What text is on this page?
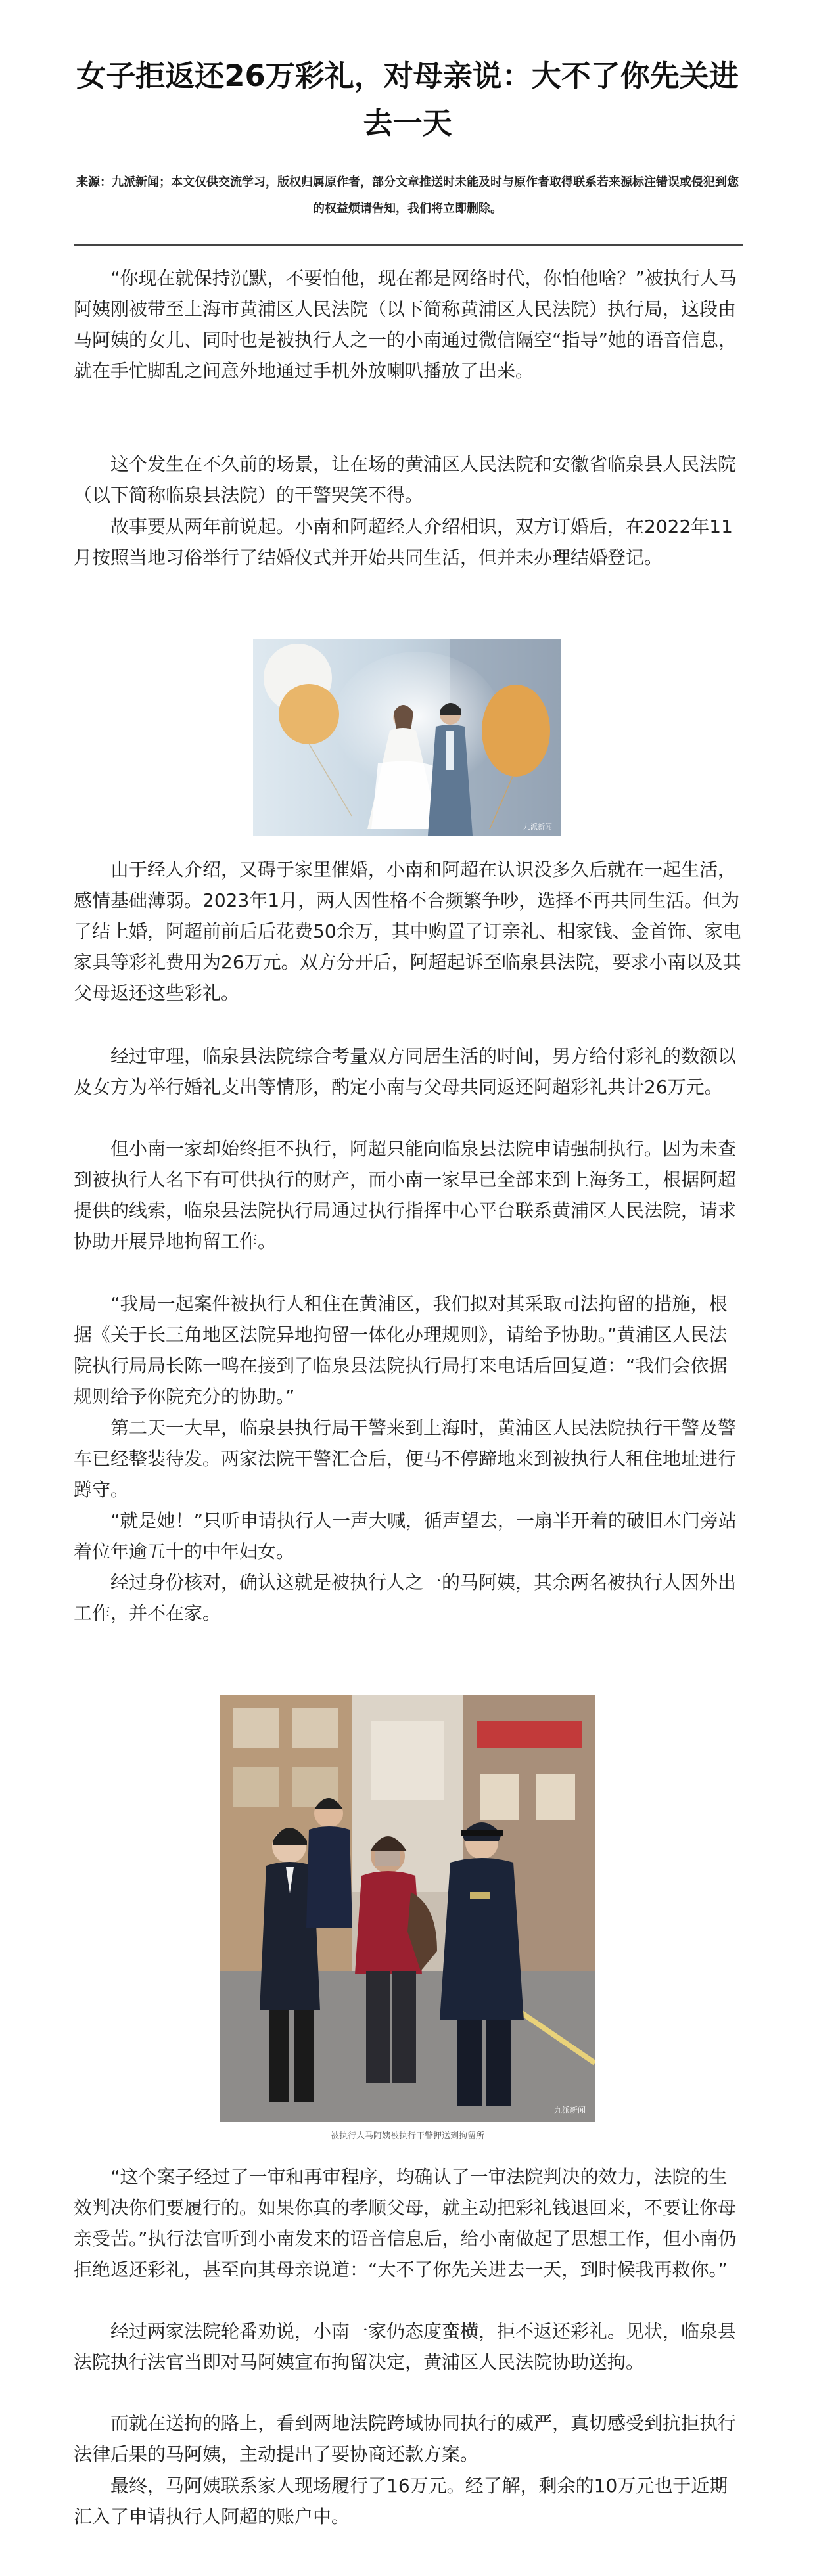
女子拒返还26万彩礼，对母亲说：大不了你先关进去一天
来源：九派新闻；本文仅供交流学习，版权归属原作者，部分文章推送时未能及时与原作者取得联系若来源标注错误或侵犯到您的权益烦请告知，我们将立即删除。

“你现在就保持沉默，不要怕他，现在都是网络时代，你怕他啥？”被执行人马阿姨刚被带至上海市黄浦区人民法院（以下简称黄浦区人民法院）执行局，这段由马阿姨的女儿、同时也是被执行人之一的小南通过微信隔空“指导”她的语音信息，就在手忙脚乱之间意外地通过手机外放喇叭播放了出来。

这个发生在不久前的场景，让在场的黄浦区人民法院和安徽省临泉县人民法院（以下简称临泉县法院）的干警哭笑不得。

故事要从两年前说起。小南和阿超经人介绍相识，双方订婚后，在2022年11月按照当地习俗举行了结婚仪式并开始共同生活，但并未办理结婚登记。

九派新闻

由于经人介绍，又碍于家里催婚，小南和阿超在认识没多久后就在一起生活，感情基础薄弱。2023年1月，两人因性格不合频繁争吵，选择不再共同生活。但为了结上婚，阿超前前后后花费50余万，其中购置了订亲礼、相家钱、金首饰、家电家具等彩礼费用为26万元。双方分开后，阿超起诉至临泉县法院，要求小南以及其父母返还这些彩礼。

经过审理，临泉县法院综合考量双方同居生活的时间，男方给付彩礼的数额以及女方为举行婚礼支出等情形，酌定小南与父母共同返还阿超彩礼共计26万元。

但小南一家却始终拒不执行，阿超只能向临泉县法院申请强制执行。因为未查到被执行人名下有可供执行的财产，而小南一家早已全部来到上海务工，根据阿超提供的线索，临泉县法院执行局通过执行指挥中心平台联系黄浦区人民法院，请求协助开展异地拘留工作。

“我局一起案件被执行人租住在黄浦区，我们拟对其采取司法拘留的措施，根据《关于长三角地区法院异地拘留一体化办理规则》，请给予协助。”黄浦区人民法院执行局局长陈一鸣在接到了临泉县法院执行局打来电话后回复道：“我们会依据规则给予你院充分的协助。”

第二天一大早，临泉县执行局干警来到上海时，黄浦区人民法院执行干警及警车已经整装待发。两家法院干警汇合后，便马不停蹄地来到被执行人租住地址进行蹲守。

“就是她！”只听申请执行人一声大喊，循声望去，一扇半开着的破旧木门旁站着位年逾五十的中年妇女。

经过身份核对，确认这就是被执行人之一的马阿姨，其余两名被执行人因外出工作，并不在家。

九派新闻
被执行人马阿姨被执行干警押送到拘留所

“这个案子经过了一审和再审程序，均确认了一审法院判决的效力，法院的生效判决你们要履行的。如果你真的孝顺父母，就主动把彩礼钱退回来，不要让你母亲受苦。”执行法官听到小南发来的语音信息后，给小南做起了思想工作，但小南仍拒绝返还彩礼，甚至向其母亲说道：“大不了你先关进去一天，到时候我再救你。”

经过两家法院轮番劝说，小南一家仍态度蛮横，拒不返还彩礼。见状，临泉县法院执行法官当即对马阿姨宣布拘留决定，黄浦区人民法院协助送拘。

而就在送拘的路上，看到两地法院跨域协同执行的威严，真切感受到抗拒执行法律后果的马阿姨，主动提出了要协商还款方案。

最终，马阿姨联系家人现场履行了16万元。经了解，剩余的10万元也于近期汇入了申请执行人阿超的账户中。
